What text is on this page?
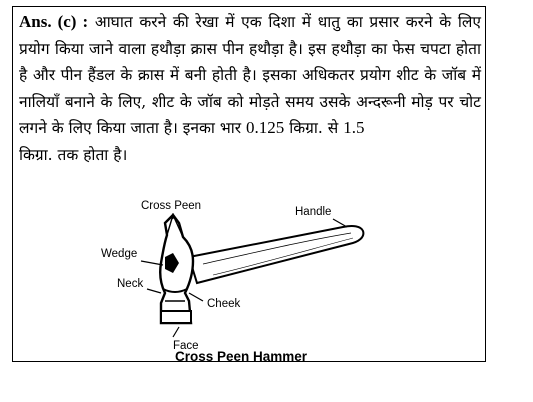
Ans. (c) : आघात करने की रेखा में एक दिशा में धातु का प्रसार करने के लिए प्रयोग किया जाने वाला हथौड़ा क्रास पीन हथौड़ा है। इस हथौड़ा का फेस चपटा होता है और पीन हैंडल के क्रास में बनी होती है। इसका अधिकतर प्रयोग शीट के जॉब में नालियाँ बनाने के लिए, शीट के जॉब को मोड़ते समय उसके अन्दरूनी मोड़ पर चोट लगने के लिए किया जाता है। इनका भार 0.125 किग्रा. से 1.5
किग्रा. तक होता है।

Cross Peen	Handle
Wedge
Neck
Cheek
Face
Cross Peen Hammer
